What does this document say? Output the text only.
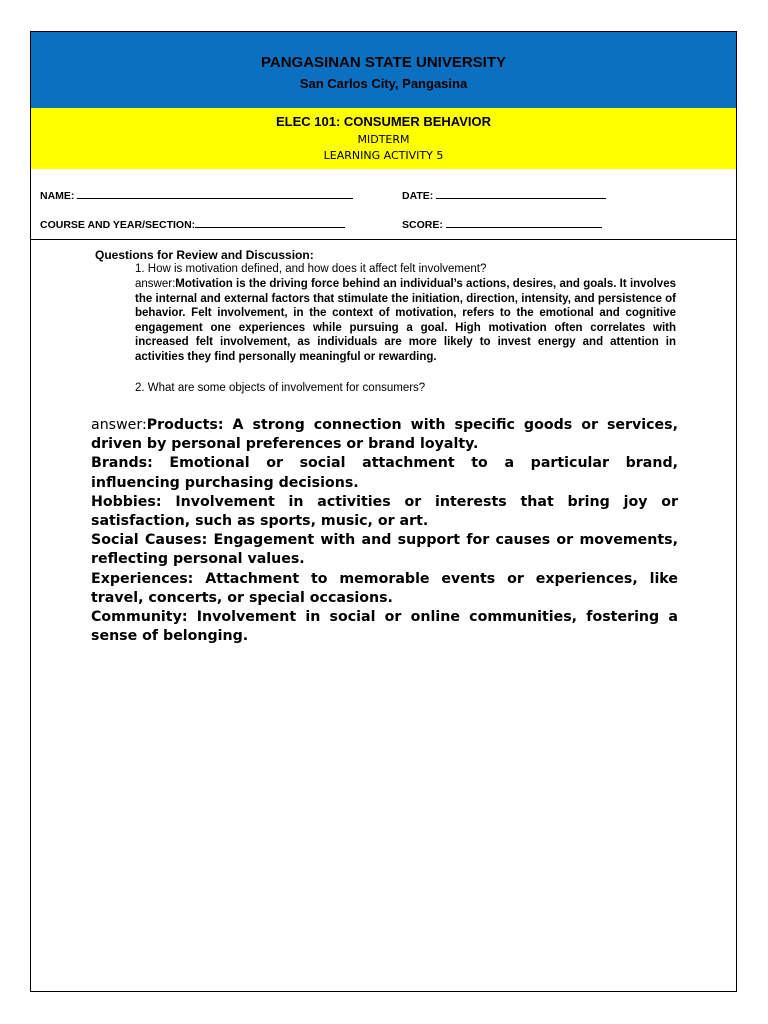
PANGASINAN STATE UNIVERSITY
San Carlos City, Pangasina
ELEC 101: CONSUMER BEHAVIOR
MIDTERM
LEARNING ACTIVITY 5
NAME:	DATE:
COURSE AND YEAR/SECTION:	SCORE:
Questions for Review and Discussion:
1. How is motivation defined, and how does it affect felt involvement?
answer:Motivation is the driving force behind an individual’s actions, desires, and goals. It involves the internal and external factors that stimulate the initiation, direction, intensity, and persistence of behavior. Felt involvement, in the context of motivation, refers to the emotional and cognitive engagement one experiences while pursuing a goal. High motivation often correlates with increased felt involvement, as individuals are more likely to invest energy and attention in activities they find personally meaningful or rewarding.
2. What are some objects of involvement for consumers?

answer:Products: A strong connection with specific goods or services, driven by personal preferences or brand loyalty.

Brands: Emotional or social attachment to a particular brand, influencing purchasing decisions.

Hobbies: Involvement in activities or interests that bring joy or satisfaction, such as sports, music, or art.

Social Causes: Engagement with and support for causes or movements, reflecting personal values.

Experiences: Attachment to memorable events or experiences, like travel, concerts, or special occasions.

Community: Involvement in social or online communities, fostering a sense of belonging.
